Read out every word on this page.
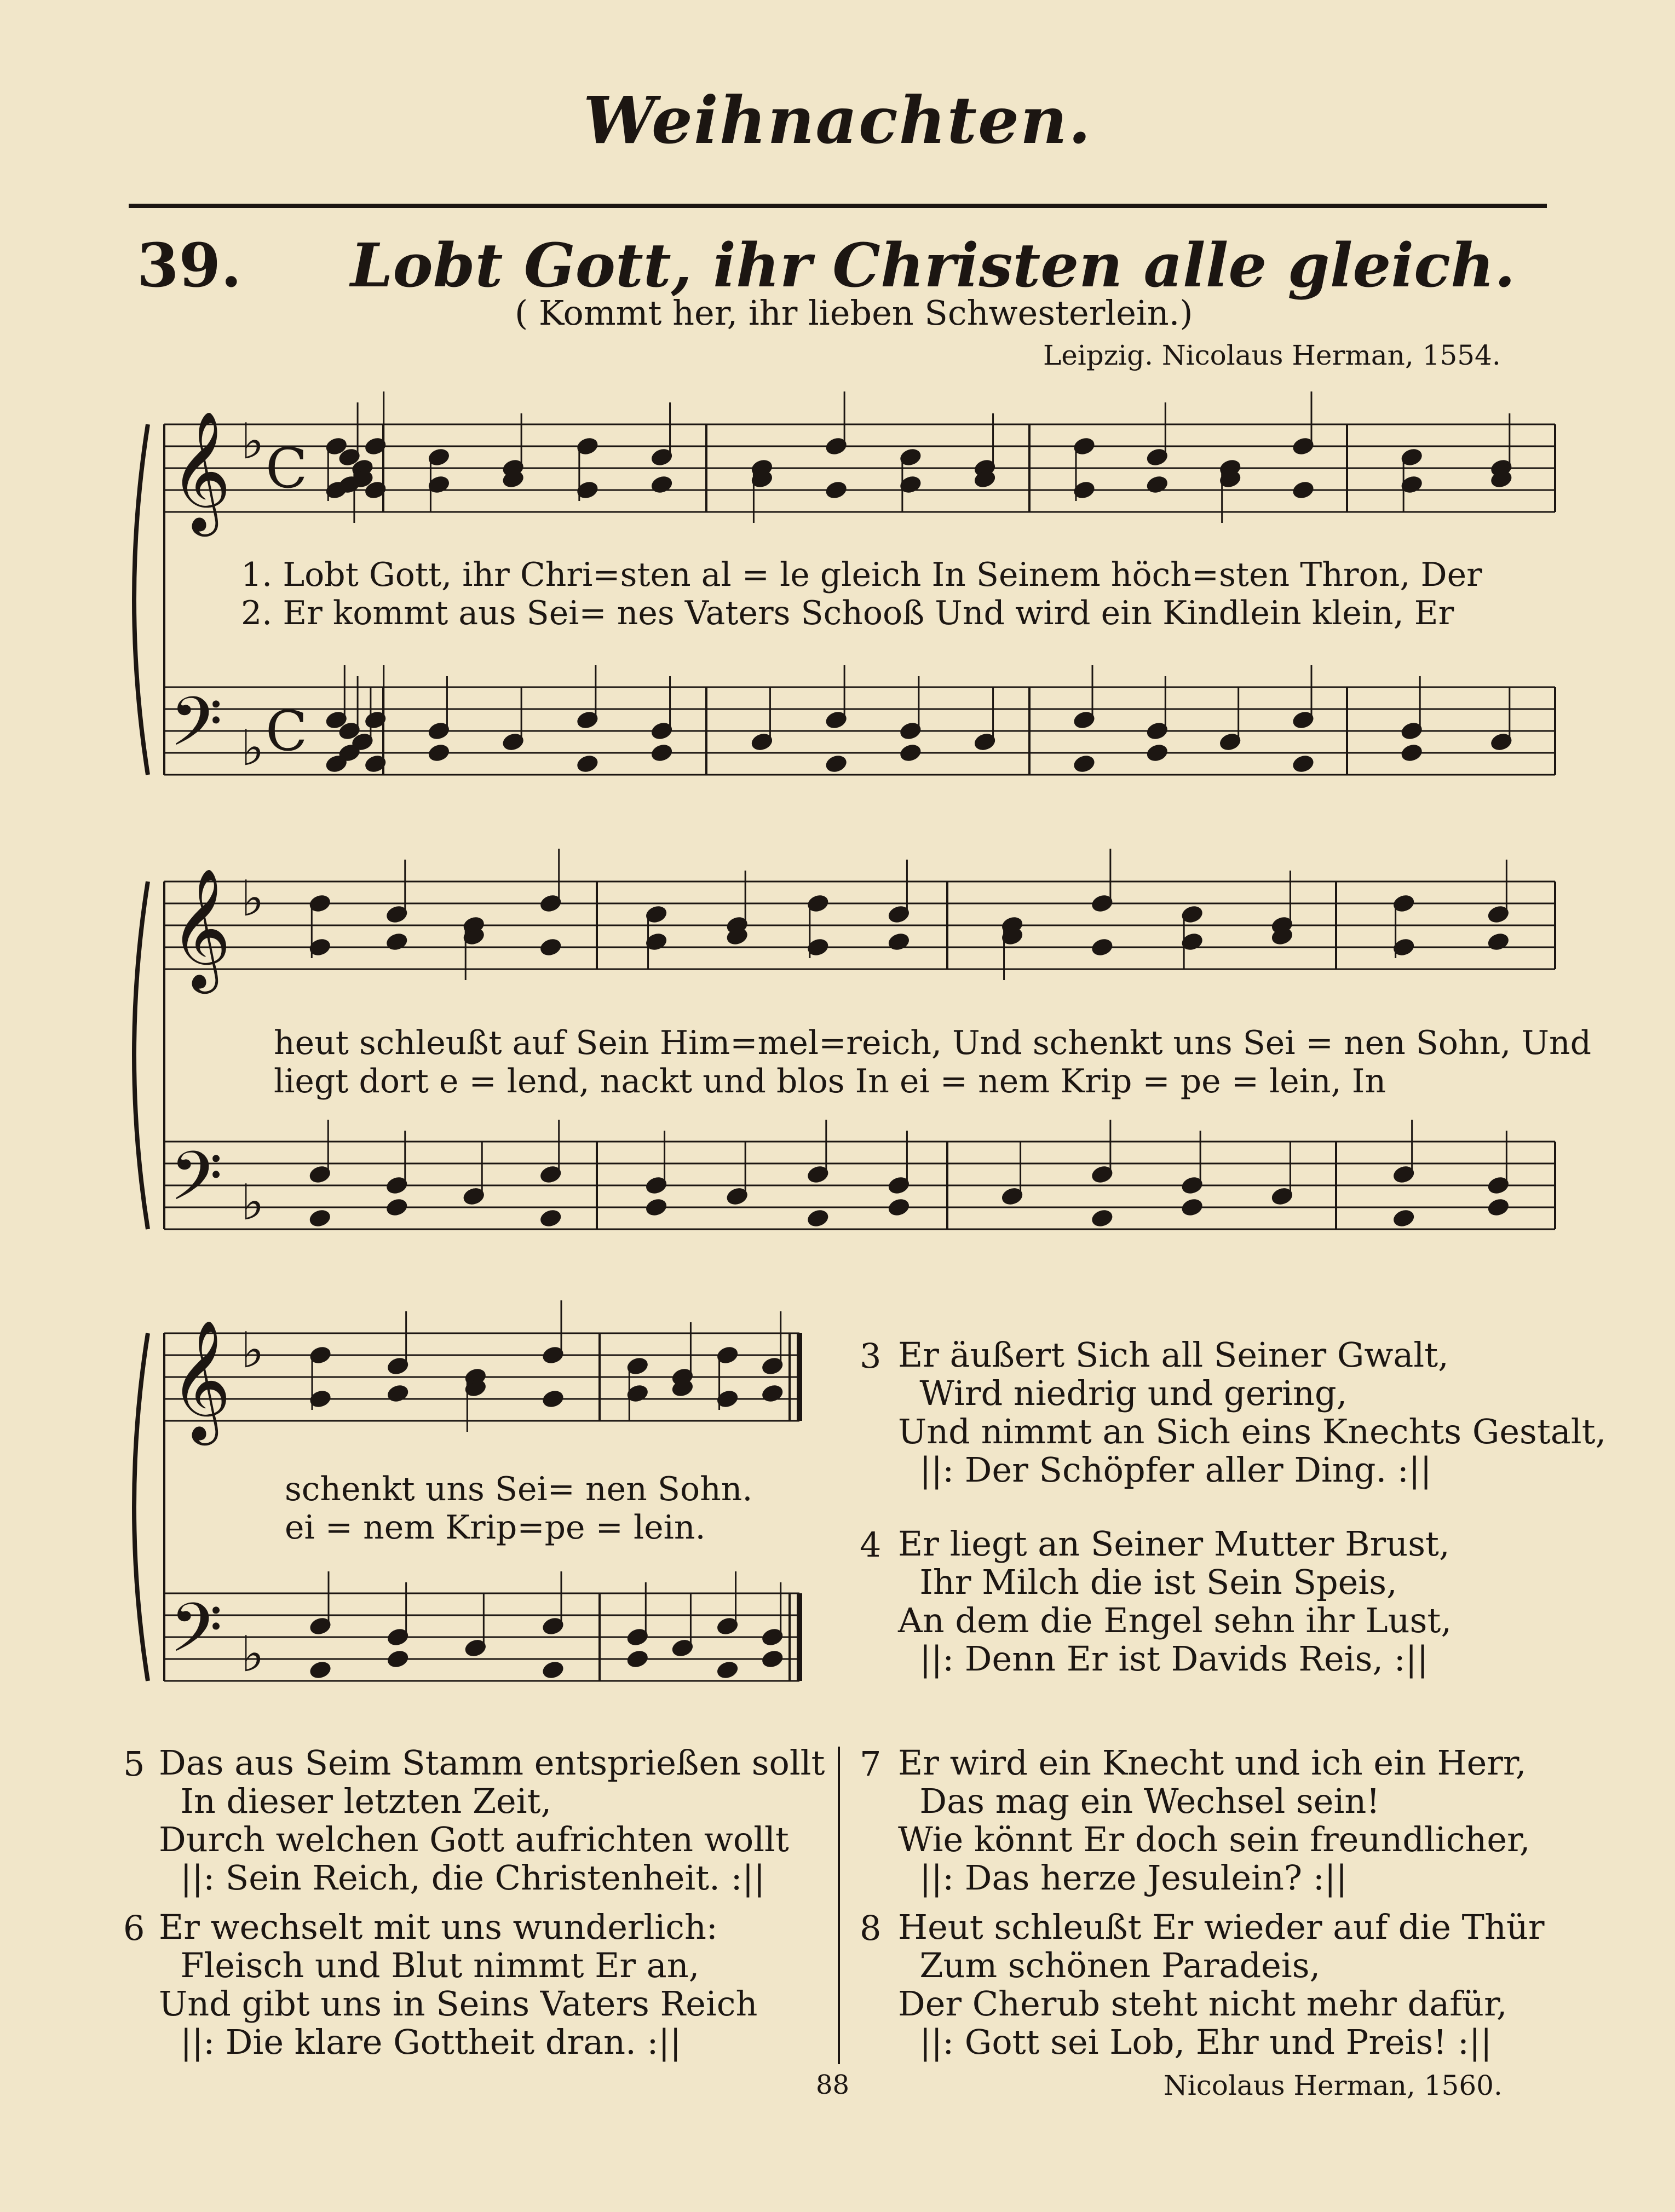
Weihnachten.
39. Lobt Gott, ihr Christen alle gleich.
( Kommt her, ihr lieben Schwesterlein.)
Leipzig. Nicolaus Herman, 1554.
𝄞
𝄢
♭
♭
C
C
𝄞
𝄢
♭
♭
𝄞
𝄢
♭
♭
1. Lobt Gott, ihr Chri=sten al = le gleich In Seinem höch=sten Thron, Der
2. Er kommt aus Sei= nes Vaters Schooß Und wird ein Kindlein klein, Er
heut schleußt auf Sein Him=mel=reich, Und schenkt uns Sei = nen Sohn, Und
liegt dort e = lend, nackt und blos In ei = nem Krip = pe = lein, In
schenkt uns Sei= nen Sohn.
ei = nem Krip=pe = lein.
3 Er äußert Sich all Seiner Gwalt,
Wird niedrig und gering,
Und nimmt an Sich eins Knechts Gestalt,
||: Der Schöpfer aller Ding. :||
4 Er liegt an Seiner Mutter Brust,
Ihr Milch die ist Sein Speis,
An dem die Engel sehn ihr Lust,
||: Denn Er ist Davids Reis, :||
5 Das aus Seim Stamm entsprießen sollt
In dieser letzten Zeit,
Durch welchen Gott aufrichten wollt
||: Sein Reich, die Christenheit. :||
6 Er wechselt mit uns wunderlich:
Fleisch und Blut nimmt Er an,
Und gibt uns in Seins Vaters Reich
||: Die klare Gottheit dran. :||
7 Er wird ein Knecht und ich ein Herr,
Das mag ein Wechsel sein!
Wie könnt Er doch sein freundlicher,
||: Das herze Jesulein? :||
8 Heut schleußt Er wieder auf die Thür
Zum schönen Paradeis,
Der Cherub steht nicht mehr dafür,
||: Gott sei Lob, Ehr und Preis! :||
88	Nicolaus Herman, 1560.
